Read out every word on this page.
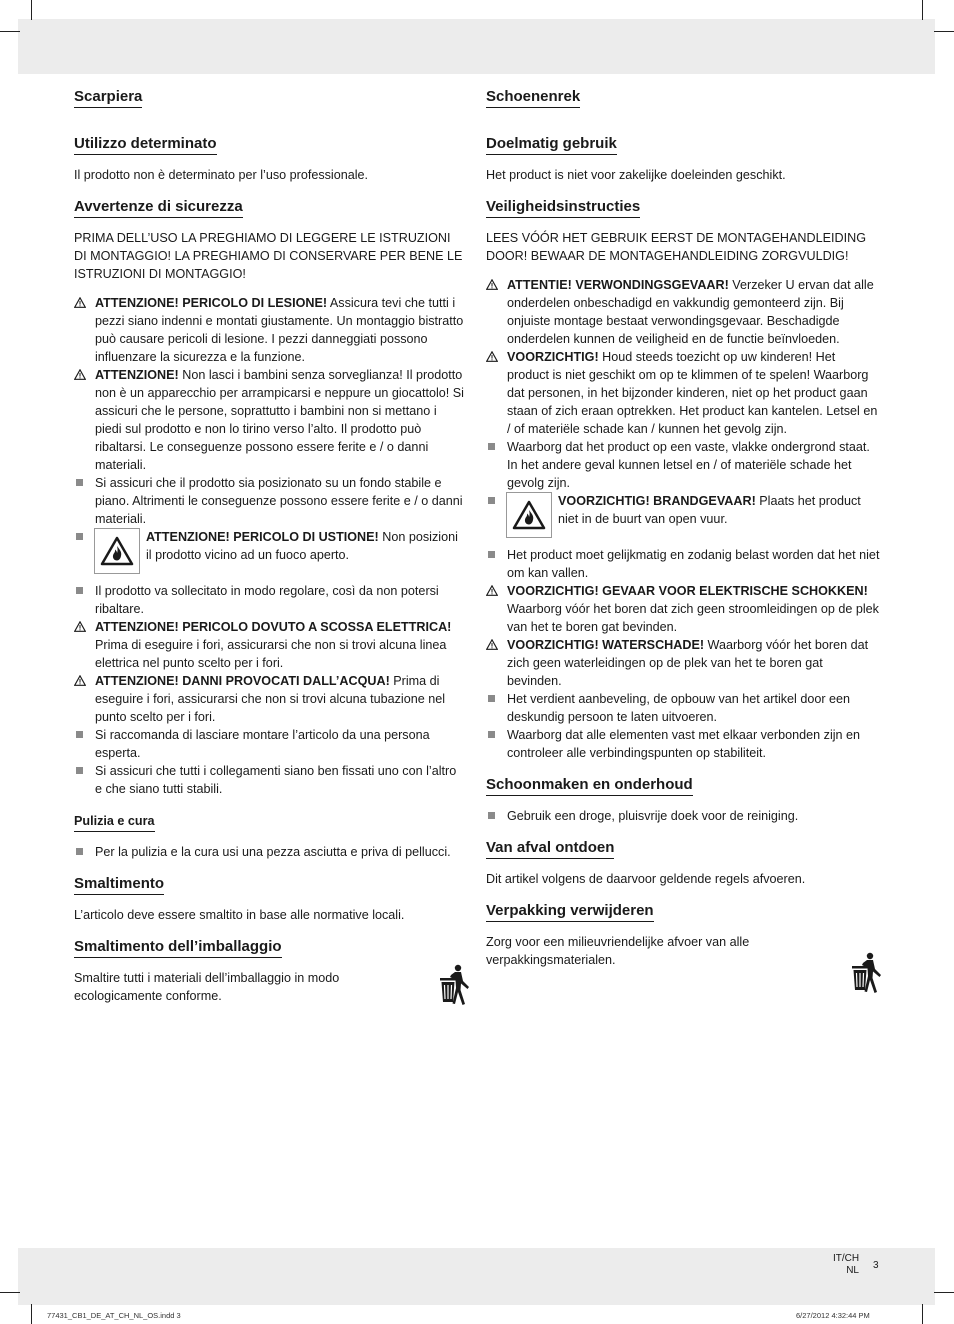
Scarpiera
Utilizzo determinato

Il prodotto non è determinato per l’uso professionale.

Avvertenze di sicurezza

PRIMA DELL’USO LA PREGHIAMO DI LEGGERE LE ISTRUZIONI DI MONTAGGIO! LA PREGHIAMO DI CONSERVARE PER BENE LE ISTRUZIONI DI MONTAGGIO!

ATTENZIONE! PERICOLO DI LESIONE! Assicura tevi che tutti i pezzi siano indenni e montati giustamente. Un montaggio bistratto può causare pericoli di lesione. I pezzi danneggiati possono influenzare la sicurezza e la funzione.
ATTENZIONE! Non lasci i bambini senza sorveglianza! Il prodotto non è un apparecchio per arrampicarsi e neppure un giocattolo! Si assicuri che le persone, soprattutto i bambini non si mettano i piedi sul prodotto e non lo tirino verso l’alto. Il prodotto può ribaltarsi. Le conseguenze possono essere ferite e / o danni materiali.
Si assicuri che il prodotto sia posizionato su un fondo stabile e piano. Altrimenti le conseguenze possono essere ferite e / o danni materiali.

ATTENZIONE! PERICOLO DI USTIONE! Non posizioni il prodotto vicino ad un fuoco aperto.

Il prodotto va sollecitato in modo regolare, così da non potersi ribaltare.
ATTENZIONE! PERICOLO DOVUTO A SCOSSA ELETTRICA! Prima di eseguire i fori, assicurarsi che non si trovi alcuna linea elettrica nel punto scelto per i fori.
ATTENZIONE! DANNI PROVOCATI DALL’ACQUA! Prima di eseguire i fori, assicurarsi che non si trovi alcuna tubazione nel punto scelto per i fori.
Si raccomanda di lasciare montare l’articolo da una persona esperta.
Si assicuri che tutti i collegamenti siano ben fissati uno con l’altro e che siano tutti stabili.
Pulizia e cura
Per la pulizia e la cura usi una pezza asciutta e priva di pellucci.
Smaltimento

L’articolo deve essere smaltito in base alle normative locali.

Smaltimento dell’imballaggio

Smaltire tutti i materiali dell’imballaggio in modo ecologicamente conforme.

Schoenenrek
Doelmatig gebruik

Het product is niet voor zakelijke doeleinden geschikt.

Veiligheidsinstructies

LEES VÓÓR HET GEBRUIK EERST DE MONTAGEHANDLEIDING DOOR! BEWAAR DE MONTAGEHANDLEIDING ZORGVULDIG!

ATTENTIE! VERWONDINGSGEVAAR! Verzeker U ervan dat alle onderdelen onbeschadigd en vakkundig gemonteerd zijn. Bij onjuiste montage bestaat verwondingsgevaar. Beschadigde onderdelen kunnen de veiligheid en de functie beïnvloeden.
VOORZICHTIG! Houd steeds toezicht op uw kinderen! Het product is niet geschikt om op te klimmen of te spelen! Waarborg dat personen, in het bijzonder kinderen, niet op het product gaan staan of zich eraan optrekken. Het product kan kantelen. Letsel en / of materiële schade kan / kunnen het gevolg zijn.
Waarborg dat het product op een vaste, vlakke ondergrond staat. In het andere geval kunnen letsel en / of materiële schade het gevolg zijn.

VOORZICHTIG! BRANDGEVAAR! Plaats het product niet in de buurt van open vuur.

Het product moet gelijkmatig en zodanig belast worden dat het niet om kan vallen.
VOORZICHTIG! GEVAAR VOOR ELEKTRISCHE SCHOKKEN! Waarborg vóór het boren dat zich geen stroomleidingen op de plek van het te boren gat bevinden.
VOORZICHTIG! WATERSCHADE! Waarborg vóór het boren dat zich geen waterleidingen op de plek van het te boren gat bevinden.
Het verdient aanbeveling, de opbouw van het artikel door een deskundig persoon te laten uitvoeren.
Waarborg dat alle elementen vast met elkaar verbonden zijn en controleer alle verbindingspunten op stabiliteit.
Schoonmaken en onderhoud
Gebruik een droge, pluisvrije doek voor de reiniging.
Van afval ontdoen

Dit artikel volgens de daarvoor geldende regels afvoeren.

Verpakking verwijderen

Zorg voor een milieuvriendelijke afvoer van alle verpakkingsmaterialen.

IT/CH
NL 3
77431_CB1_DE_AT_CH_NL_OS.indd 3	6/27/2012 4:32:44 PM
